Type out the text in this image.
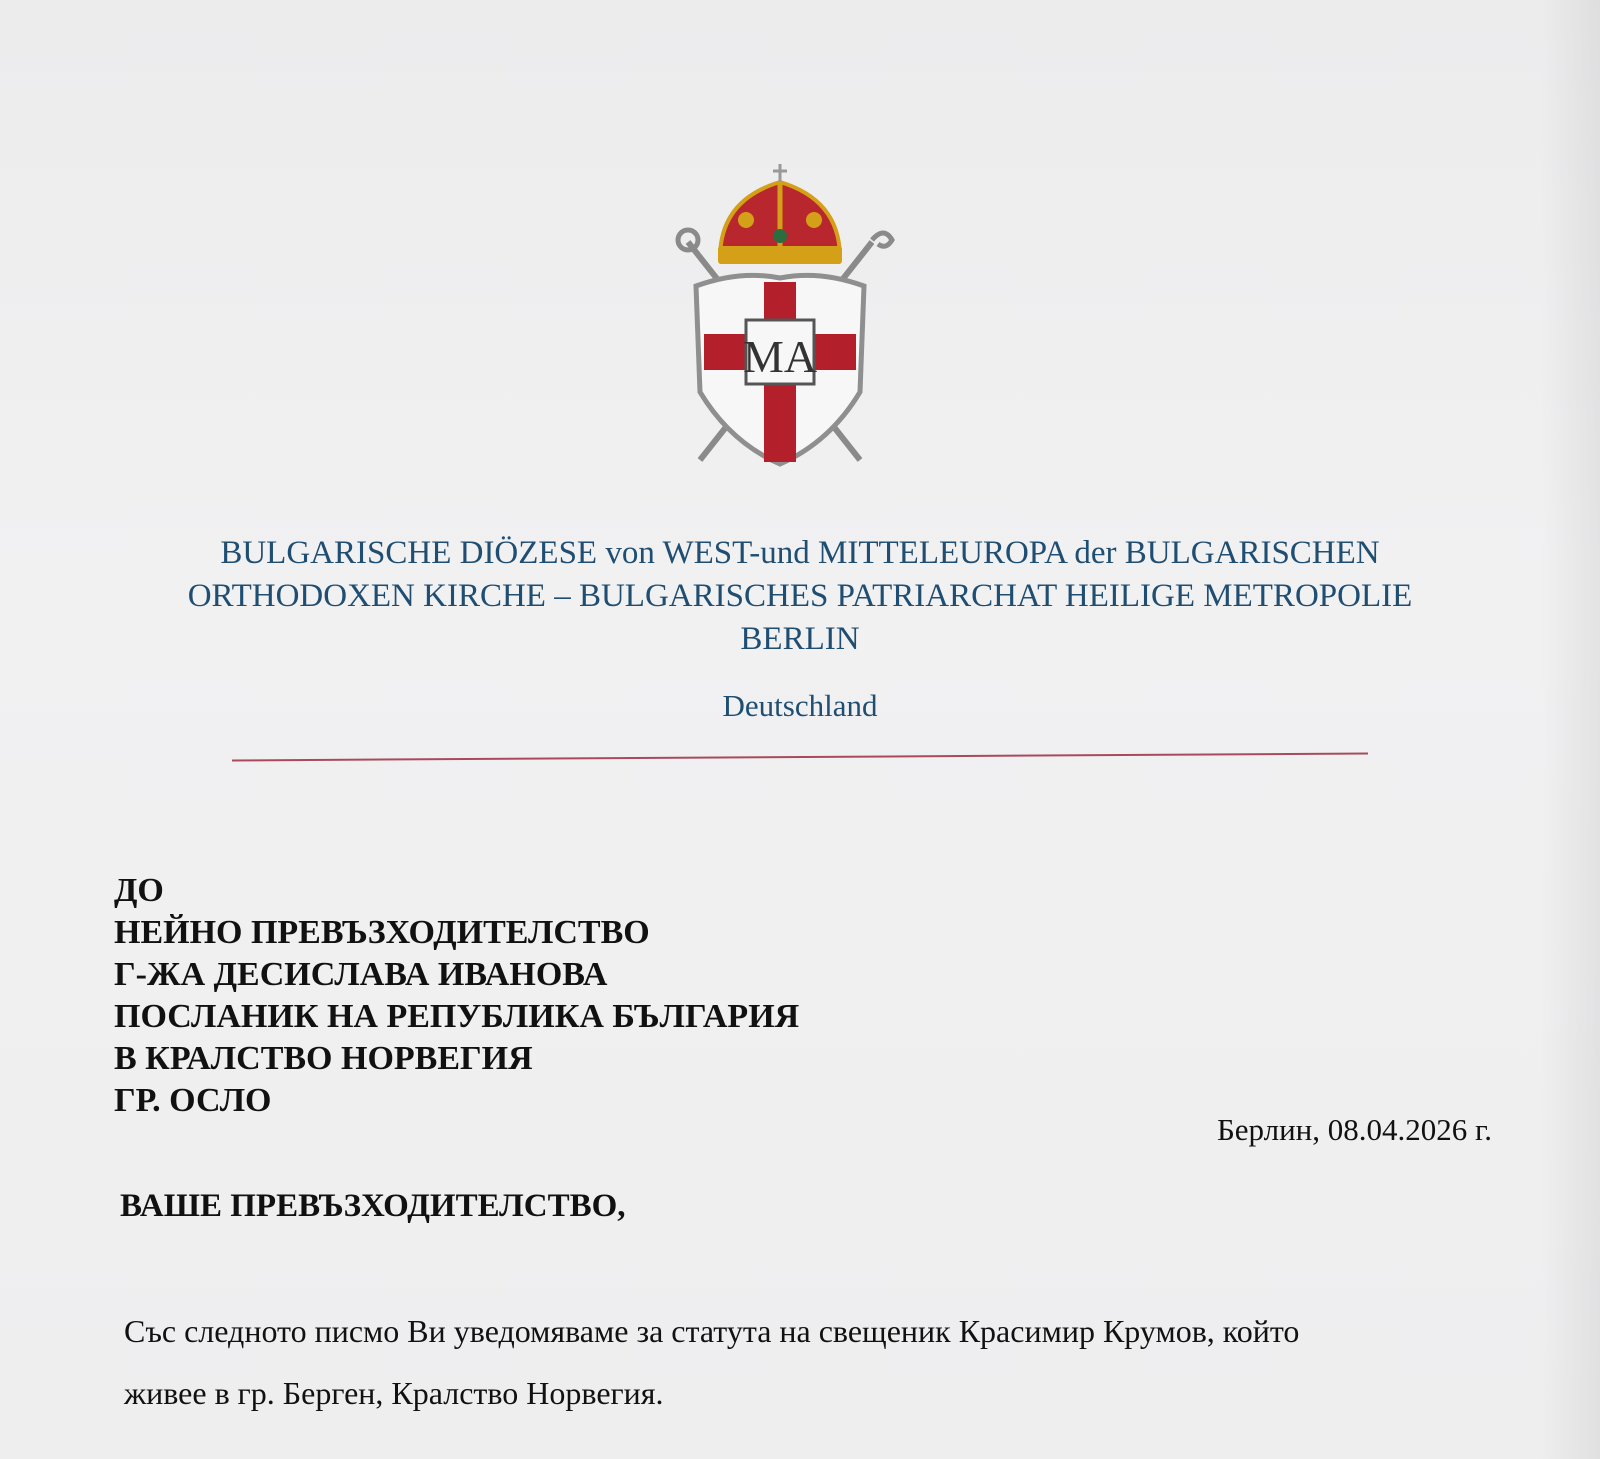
MA
BULGARISCHE DIÖZESE von WEST-und MITTELEUROPA der BULGARISCHEN
ORTHODOXEN KIRCHE – BULGARISCHES PATRIARCHAT HEILIGE METROPOLIE
BERLIN
Deutschland
ДО
НЕЙНО ПРЕВЪЗХОДИТЕЛСТВО
Г-ЖА ДЕСИСЛАВА ИВАНОВА
ПОСЛАНИК НА РЕПУБЛИКА БЪЛГАРИЯ
В КРАЛСТВО НОРВЕГИЯ
ГР. ОСЛО
Берлин, 08.04.2026 г.
ВАШЕ ПРЕВЪЗХОДИТЕЛСТВО,
Със следното писмо Ви уведомяваме за статута на свещеник Красимир Крумов, който
живее в гр. Берген, Кралство Норвегия.
